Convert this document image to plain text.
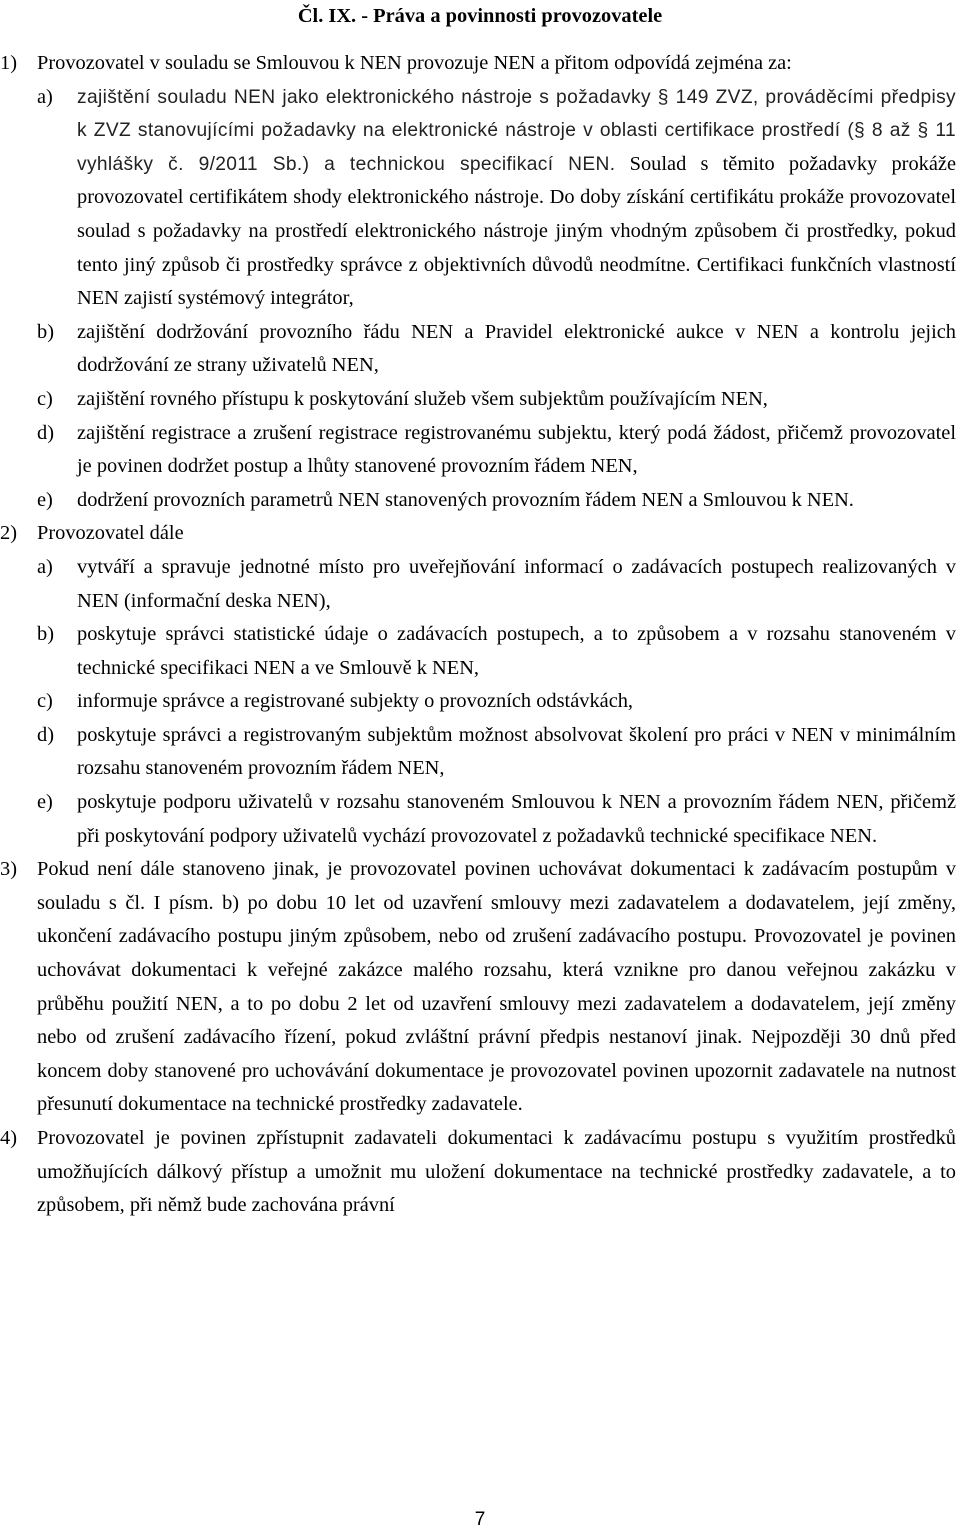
Čl. IX. - Práva a povinnosti provozovatele

1) Provozovatel v souladu se Smlouvou k NEN provozuje NEN a přitom odpovídá zejména za:

a) zajištění souladu NEN jako elektronického nástroje s požadavky § 149 ZVZ, prováděcími předpisy k ZVZ stanovujícími požadavky na elektronické nástroje v oblasti certifikace prostředí (§ 8 až § 11 vyhlášky č. 9/2011 Sb.) a technickou specifikací NEN. Soulad s těmito požadavky prokáže provozovatel certifikátem shody elektronického nástroje. Do doby získání certifikátu prokáže provozovatel soulad s požadavky na prostředí elektronického nástroje jiným vhodným způsobem či prostředky, pokud tento jiný způsob či prostředky správce z objektivních důvodů neodmítne. Certifikaci funkčních vlastností NEN zajistí systémový integrátor,

b) zajištění dodržování provozního řádu NEN a Pravidel elektronické aukce v NEN a kontrolu jejich dodržování ze strany uživatelů NEN,

c) zajištění rovného přístupu k poskytování služeb všem subjektům používajícím NEN,

d) zajištění registrace a zrušení registrace registrovanému subjektu, který podá žádost, přičemž provozovatel je povinen dodržet postup a lhůty stanovené provozním řádem NEN,

e) dodržení provozních parametrů NEN stanovených provozním řádem NEN a Smlouvou k NEN.

2) Provozovatel dále

a) vytváří a spravuje jednotné místo pro uveřejňování informací o zadávacích postupech realizovaných v NEN (informační deska NEN),

b) poskytuje správci statistické údaje o zadávacích postupech, a to způsobem a v rozsahu stanoveném v technické specifikaci NEN a ve Smlouvě k NEN,

c) informuje správce a registrované subjekty o provozních odstávkách,

d) poskytuje správci a registrovaným subjektům možnost absolvovat školení pro práci v NEN v minimálním rozsahu stanoveném provozním řádem NEN,

e) poskytuje podporu uživatelů v rozsahu stanoveném Smlouvou k NEN a provozním řádem NEN, přičemž při poskytování podpory uživatelů vychází provozovatel z požadavků technické specifikace NEN.

3) Pokud není dále stanoveno jinak, je provozovatel povinen uchovávat dokumentaci k zadávacím postupům v souladu s čl. I písm. b) po dobu 10 let od uzavření smlouvy mezi zadavatelem a dodavatelem, její změny, ukončení zadávacího postupu jiným způsobem, nebo od zrušení zadávacího postupu. Provozovatel je povinen uchovávat dokumentaci k veřejné zakázce malého rozsahu, která vznikne pro danou veřejnou zakázku v průběhu použití NEN, a to po dobu 2 let od uzavření smlouvy mezi zadavatelem a dodavatelem, její změny nebo od zrušení zadávacího řízení, pokud zvláštní právní předpis nestanoví jinak. Nejpozději 30 dnů před koncem doby stanovené pro uchovávání dokumentace je provozovatel povinen upozornit zadavatele na nutnost přesunutí dokumentace na technické prostředky zadavatele.

4) Provozovatel je povinen zpřístupnit zadavateli dokumentaci k zadávacímu postupu s využitím prostředků umožňujících dálkový přístup a umožnit mu uložení dokumentace na technické prostředky zadavatele, a to způsobem, při němž bude zachována právní

7
